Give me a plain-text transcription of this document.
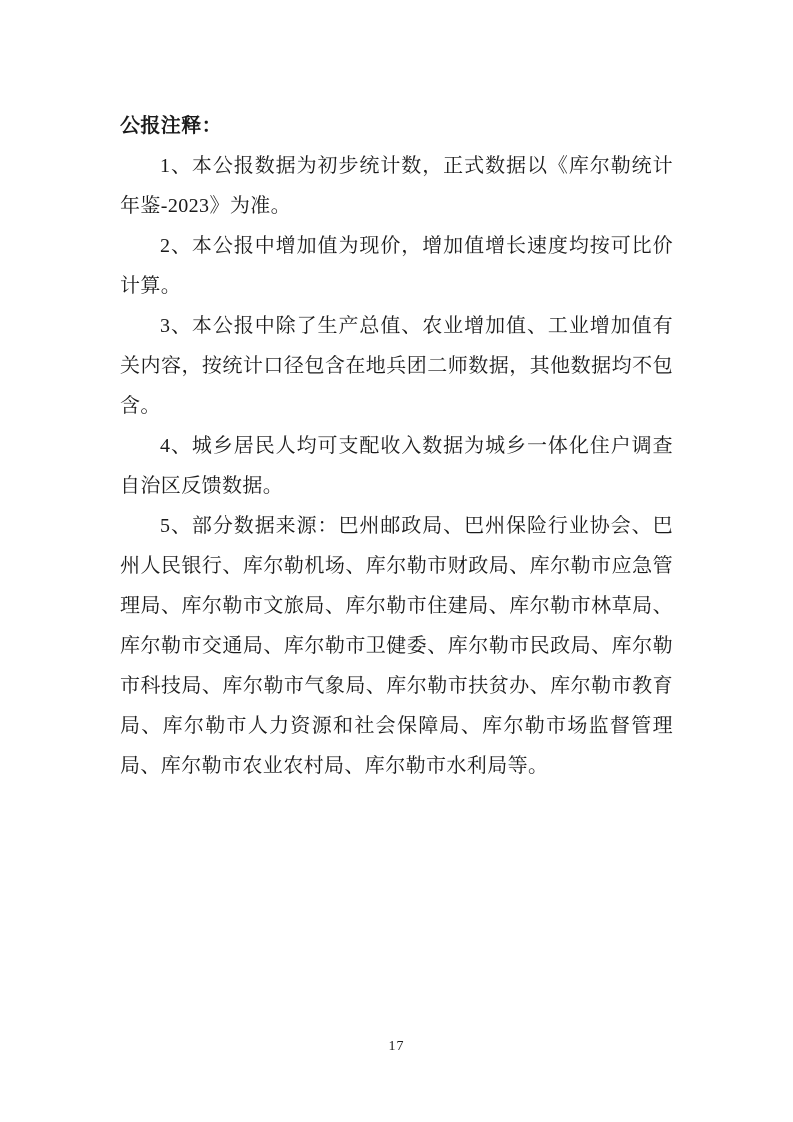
公报注释：

1、本公报数据为初步统计数，正式数据以《库尔勒统计年鉴-2023》为准。

2、本公报中增加值为现价，增加值增长速度均按可比价计算。

3、本公报中除了生产总值、农业增加值、工业增加值有关内容，按统计口径包含在地兵团二师数据，其他数据均不包含。

4、城乡居民人均可支配收入数据为城乡一体化住户调查自治区反馈数据。

5、部分数据来源：巴州邮政局、巴州保险行业协会、巴州人民银行、库尔勒机场、库尔勒市财政局、库尔勒市应急管理局、库尔勒市文旅局、库尔勒市住建局、库尔勒市林草局、库尔勒市交通局、库尔勒市卫健委、库尔勒市民政局、库尔勒市科技局、库尔勒市气象局、库尔勒市扶贫办、库尔勒市教育局、库尔勒市人力资源和社会保障局、库尔勒市场监督管理局、库尔勒市农业农村局、库尔勒市水利局等。

17
